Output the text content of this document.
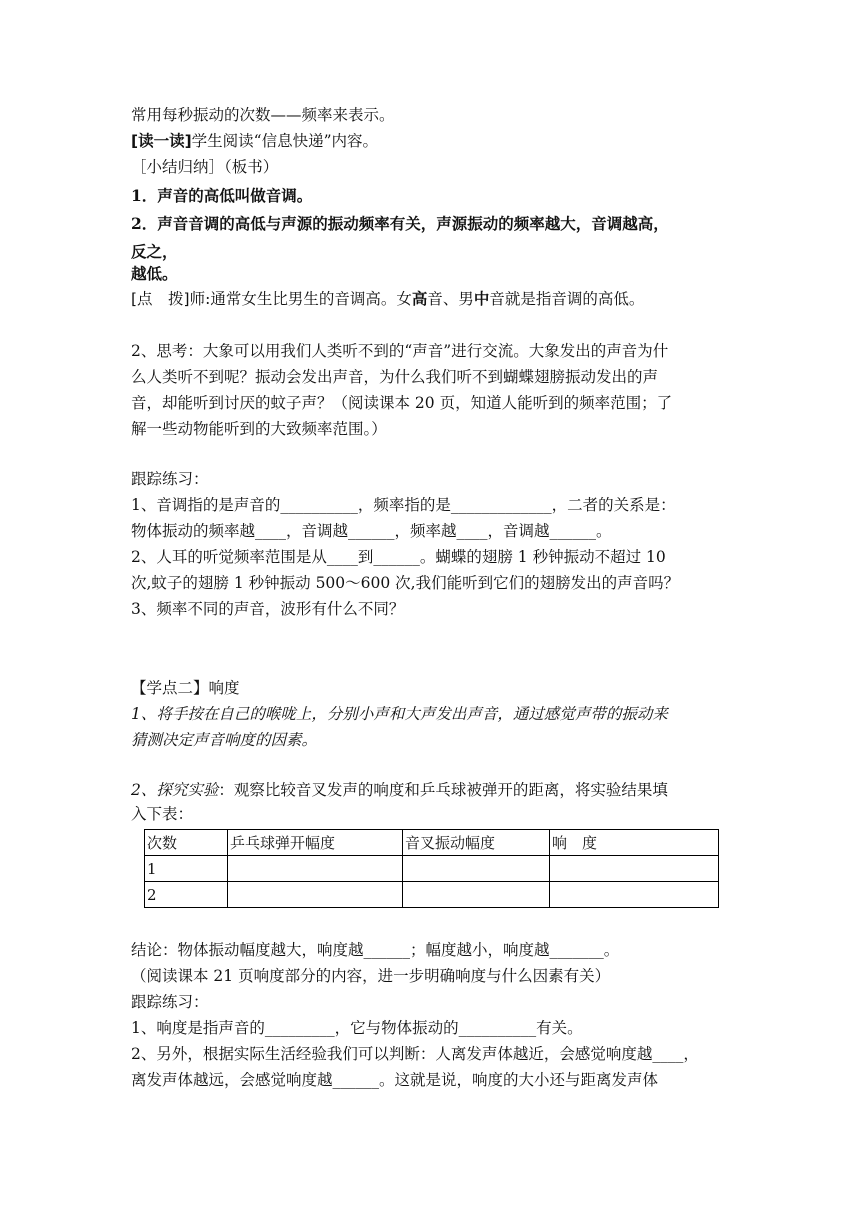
常用每秒振动的次数——频率来表示。
[读一读]学生阅读“信息快递”内容。
［小结归纳］（板书）
1．声音的高低叫做音调。
2．声音音调的高低与声源的振动频率有关，声源振动的频率越大，音调越高，
反之，
越低。
[点　拨]师:通常女生比男生的音调高。女高音、男中音就是指音调的高低。
2、思考：大象可以用我们人类听不到的“声音”进行交流。大象发出的声音为什
么人类听不到呢？振动会发出声音，为什么我们听不到蝴蝶翅膀振动发出的声
音，却能听到讨厌的蚊子声？（阅读课本 20 页，知道人能听到的频率范围；了
解一些动物能听到的大致频率范围。）
跟踪练习：
1、音调指的是声音的__________，频率指的是_____________，二者的关系是：
物体振动的频率越____，音调越______，频率越____，音调越______。
2、人耳的听觉频率范围是从____到______。蝴蝶的翅膀 1 秒钟振动不超过 10
次,蚊子的翅膀 1 秒钟振动 500～600 次,我们能听到它们的翅膀发出的声音吗？
3、频率不同的声音，波形有什么不同？
【学点二】响度
1、将手按在自己的喉咙上，分别小声和大声发出声音，通过感觉声带的振动来
猜测决定声音响度的因素。
2、探究实验：观察比较音叉发声的响度和乒乓球被弹开的距离，将实验结果填
入下表：
次数	乒乓球弹开幅度	音叉振动幅度	响　度
1			
2			
结论：物体振动幅度越大，响度越______；幅度越小，响度越_______。
（阅读课本 21 页响度部分的内容，进一步明确响度与什么因素有关）
跟踪练习：
1、响度是指声音的_________，它与物体振动的__________有关。
2、另外，根据实际生活经验我们可以判断：人离发声体越近，会感觉响度越____，
离发声体越远，会感觉响度越______。这就是说，响度的大小还与距离发声体
